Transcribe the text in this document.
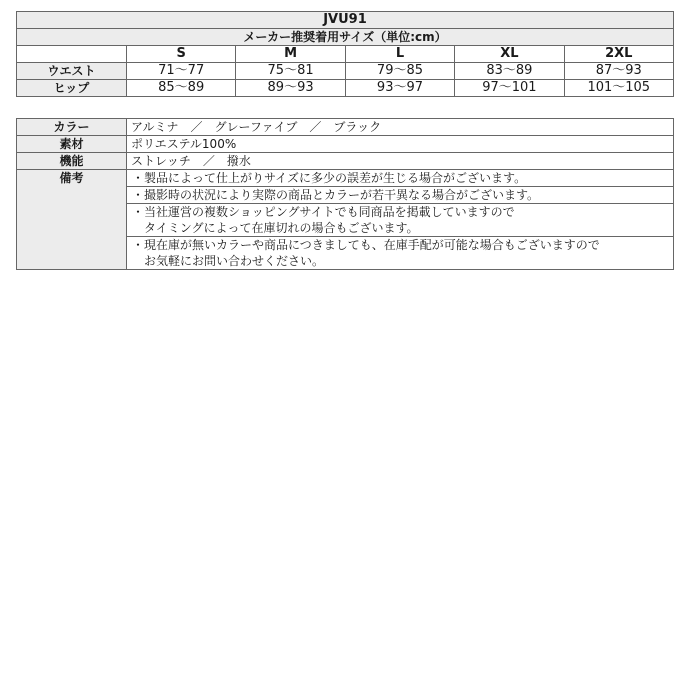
JVU91					
メーカー推奨着用サイズ（単位:cm）					
	S	M	L	XL	2XL
ウエスト	71〜77	75〜81	79〜85	83〜89	87〜93
ヒップ	85〜89	89〜93	93〜97	97〜101	101〜105
カラー	アルミナ　／　グレーファイブ　／　ブラック
素材	ポリエステル100%
機能	ストレッチ　／　撥水
備考	・製品によって仕上がりサイズに多少の誤差が生じる場合がございます。

	・撮影時の状況により実際の商品とカラーが若干異なる場合がございます。

	・当社運営の複数ショッピングサイトでも同商品を掲載していますので
　タイミングによって在庫切れの場合もございます。

	・現在庫が無いカラーや商品につきましても、在庫手配が可能な場合もございますので
　お気軽にお問い合わせください。
